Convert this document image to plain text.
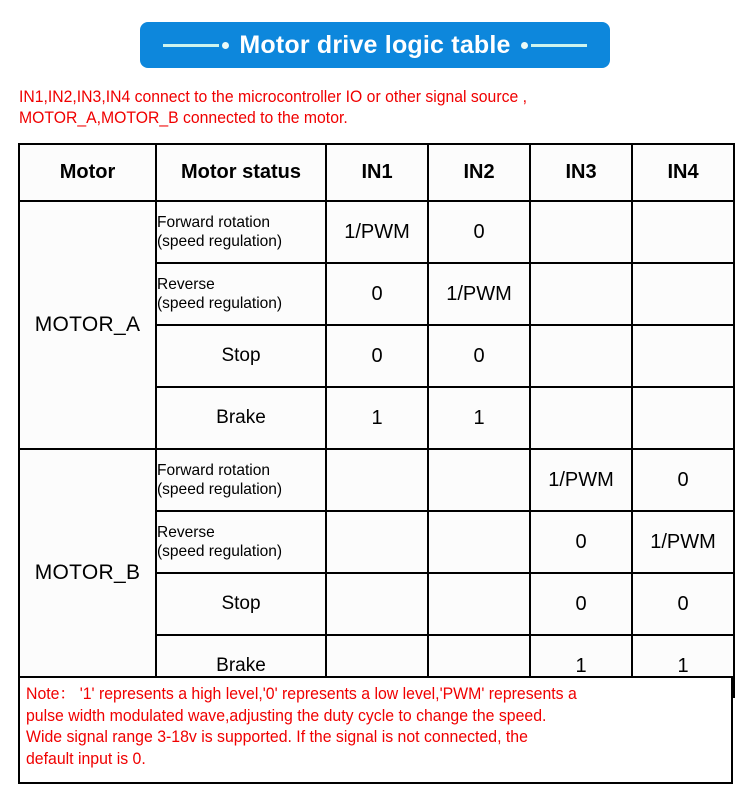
Motor drive logic table
IN1,IN2,IN3,IN4 connect to the microcontroller IO or other signal source ,
MOTOR_A,MOTOR_B connected to the motor.
Motor	Motor status	IN1	IN2	IN3	IN4
MOTOR_A	Forward rotation
(speed regulation)	1/PWM	0		

	Reverse
(speed regulation)	0	1/PWM		

	Stop	0	0		

	Brake	1	1		
MOTOR_B	Forward rotation
(speed regulation)			1/PWM	0

	Reverse
(speed regulation)			0	1/PWM

	Stop			0	0

	Brake			1	1
Note： '1' represents a high level,'0' represents a low level,'PWM' represents a
pulse width modulated wave,adjusting the duty cycle to change the speed.
Wide signal range 3-18v is supported. If the signal is not connected, the
default input is 0.
